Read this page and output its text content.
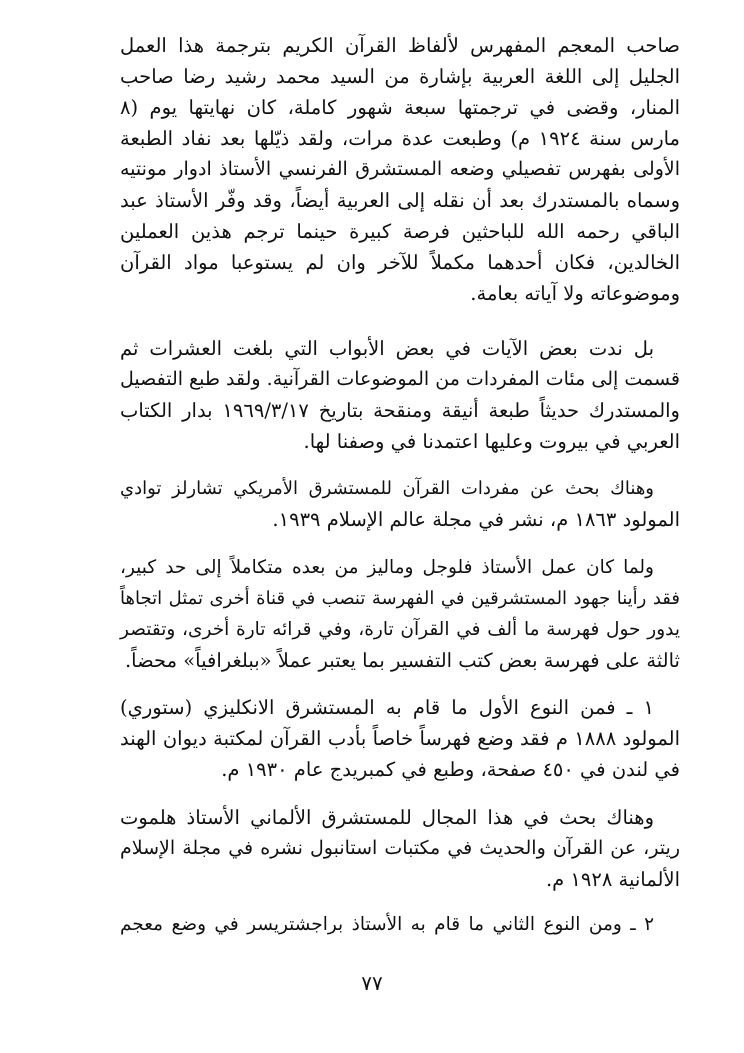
صاحب المعجم المفهرس لألفاظ القرآن الكريم بترجمة هذا العمل
الجليل إلى اللغة العربية بإشارة من السيد محمد رشيد رضا صاحب
المنار، وقضى في ترجمتها سبعة شهور كاملة، كان نهايتها يوم (٨
مارس سنة ١٩٢٤ م) وطبعت عدة مرات، ولقد ذيّلها بعد نفاد الطبعة
الأولى بفهرس تفصيلي وضعه المستشرق الفرنسي الأستاذ ادوار مونتيه
وسماه بالمستدرك بعد أن نقله إلى العربية أيضاً، وقد وفّر الأستاذ عبد
الباقي رحمه الله للباحثين فرصة كبيرة حينما ترجم هذين العملين
الخالدين، فكان أحدهما مكملاً للآخر وان لم يستوعبا مواد القرآن
وموضوعاته ولا آياته بعامة.
بل ندت بعض الآيات في بعض الأبواب التي بلغت العشرات ثم
قسمت إلى مئات المفردات من الموضوعات القرآنية. ولقد طبع التفصيل
والمستدرك حديثاً طبعة أنيقة ومنقحة بتاريخ ١٩٦٩/٣/١٧ بدار الكتاب
العربي في بيروت وعليها اعتمدنا في وصفنا لها.
وهناك بحث عن مفردات القرآن للمستشرق الأمريكي تشارلز توادي
المولود ١٨٦٣ م، نشر في مجلة عالم الإسلام ١٩٣٩.
ولما كان عمل الأستاذ فلوجل وماليز من بعده متكاملاً إلى حد كبير،
فقد رأينا جهود المستشرقين في الفهرسة تنصب في قناة أخرى تمثل اتجاهاً
يدور حول فهرسة ما ألف في القرآن تارة، وفي قرائه تارة أخرى، وتقتصر
ثالثة على فهرسة بعض كتب التفسير بما يعتبر عملاً «ببلغرافياً» محضاً.
١ ـ فمن النوع الأول ما قام به المستشرق الانكليزي (ستوري)
المولود ١٨٨٨ م فقد وضع فهرساً خاصاً بأدب القرآن لمكتبة ديوان الهند
في لندن في ٤٥٠ صفحة، وطبع في كمبريدج عام ١٩٣٠ م.
وهناك بحث في هذا المجال للمستشرق الألماني الأستاذ هلموت
ريتر، عن القرآن والحديث في مكتبات استانبول نشره في مجلة الإسلام
الألمانية ١٩٢٨ م.
٢ ـ ومن النوع الثاني ما قام به الأستاذ براجشتريسر في وضع معجم
٧٧
